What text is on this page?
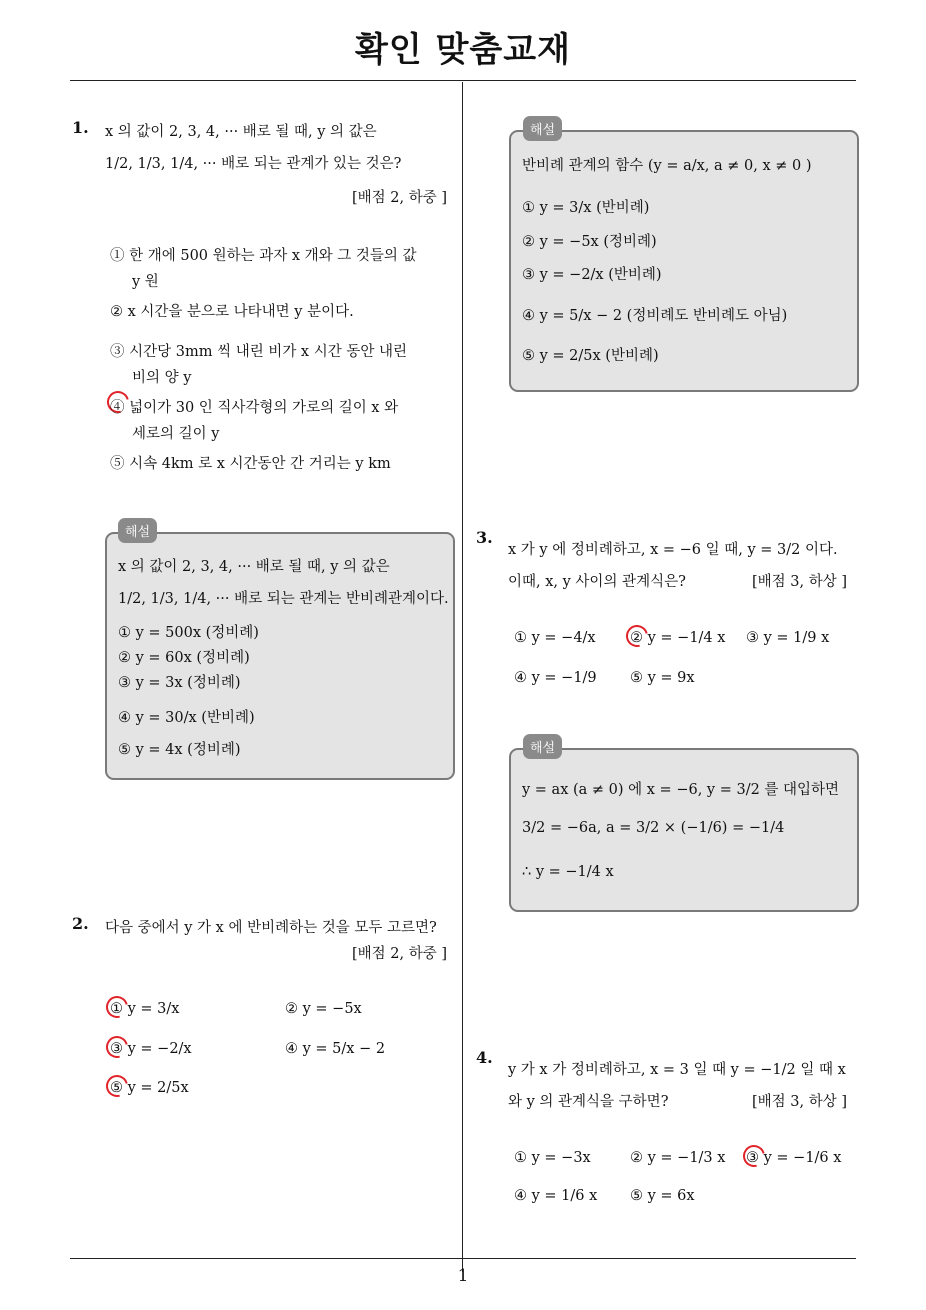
확인 맞춤교재
1
1. x 의 값이 2, 3, 4, ··· 배로 될 때, y 의 값은
1/2, 1/3, 1/4, ··· 배로 되는 관계가 있는 것은?
[배점 2, 하중 ]
① 한 개에 500 원하는 과자 x 개와 그 것들의 값
y 원
② x 시간을 분으로 나타내면 y 분이다.
③ 시간당 3mm 씩 내린 비가 x 시간 동안 내린
비의 양 y
④ 넓이가 30 인 직사각형의 가로의 길이 x 와
세로의 길이 y
⑤ 시속 4km 로 x 시간동안 간 거리는 y km
해설
x 의 값이 2, 3, 4, ··· 배로 될 때, y 의 값은
1/2, 1/3, 1/4, ··· 배로 되는 관계는 반비례관계이다.
① y = 500x (정비례)
② y = 60x (정비례)
③ y = 3x (정비례)
④ y = 30/x (반비례)
⑤ y = 4x (정비례)
2. 다음 중에서 y 가 x 에 반비례하는 것을 모두 고르면?
[배점 2, 하중 ]
① y = 3/x	② y = −5x
③ y = −2/x	④ y = 5/x − 2
⑤ y = 2/5x
해설
반비례 관계의 함수 (y = a/x, a ≠ 0, x ≠ 0 )
① y = 3/x (반비례)
② y = −5x (정비례)
③ y = −2/x (반비례)
④ y = 5/x − 2 (정비례도 반비례도 아님)
⑤ y = 2/5x (반비례)
3.
x 가 y 에 정비례하고, x = −6 일 때, y = 3/2 이다.
이때, x, y 사이의 관계식은?	[배점 3, 하상 ]
① y = −4/x ② y = −1/4 x ③ y = 1/9 x
④ y = −1/9 ⑤ y = 9x
해설
y = ax (a ≠ 0) 에 x = −6, y = 3/2 를 대입하면
3/2 = −6a, a = 3/2 × (−1/6) = −1/4
∴ y = −1/4 x
4.
y 가 x 가 정비례하고, x = 3 일 때 y = −1/2 일 때 x
와 y 의 관계식을 구하면?	[배점 3, 하상 ]
① y = −3x	② y = −1/3 x ③ y = −1/6 x
④ y = 1/6 x ⑤ y = 6x
